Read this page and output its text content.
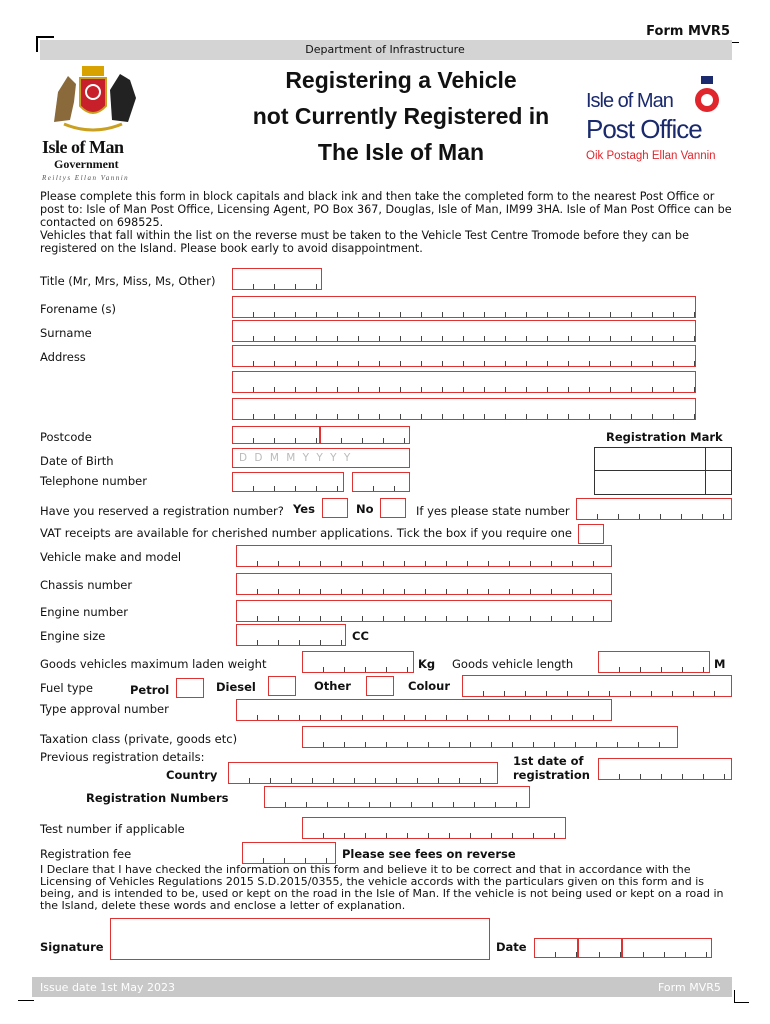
Form MVR5
Department of Infrastructure
Registering a Vehicle
not Currently Registered in
The Isle of Man
Isle of Man
Government
Reiltys Ellan Vannin
Isle of Man
Post Office
Oik Postagh Ellan Vannin
Please complete this form in block capitals and black ink and then take the completed form to the nearest Post Office or post to: Isle of Man Post Office, Licensing Agent, PO Box 367, Douglas, Isle of Man, IM99 3HA. Isle of Man Post Office can be contacted on 698525.
Vehicles that fall within the list on the reverse must be taken to the Vehicle Test Centre Tromode before they can be registered on the Island. Please book early to avoid disappointment.
Title (Mr, Mrs, Miss, Ms, Other)
Forename (s)
Surname
Address
Postcode	Registration Mark
Date of Birth	D D M M Y Y Y Y
Telephone number
Have you reserved a registration number? Yes	No	If yes please state number
VAT receipts are available for cherished number applications. Tick the box if you require one
Vehicle make and model
Chassis number
Engine number
Engine size	CC
Goods vehicles maximum laden weight	Kg Goods vehicle length	M
Fuel type	Petrol	Diesel	Other	Colour
Type approval number
Taxation class (private, goods etc)
Previous registration details:
Country
1st date of
registration
Registration Numbers
Test number if applicable
Registration fee	Please see fees on reverse
I Declare that I have checked the information on this form and believe it to be correct and that in accordance with the Licensing of Vehicles Regulations 2015 S.D.2015/0355, the vehicle accords with the particulars given on this form and is being, and is intended to be, used or kept on the road in the Isle of Man. If the vehicle is not being used or kept on a road in the Island, delete these words and enclose a letter of explanation.
Signature	Date
Issue date 1st May 2023	Form MVR5
